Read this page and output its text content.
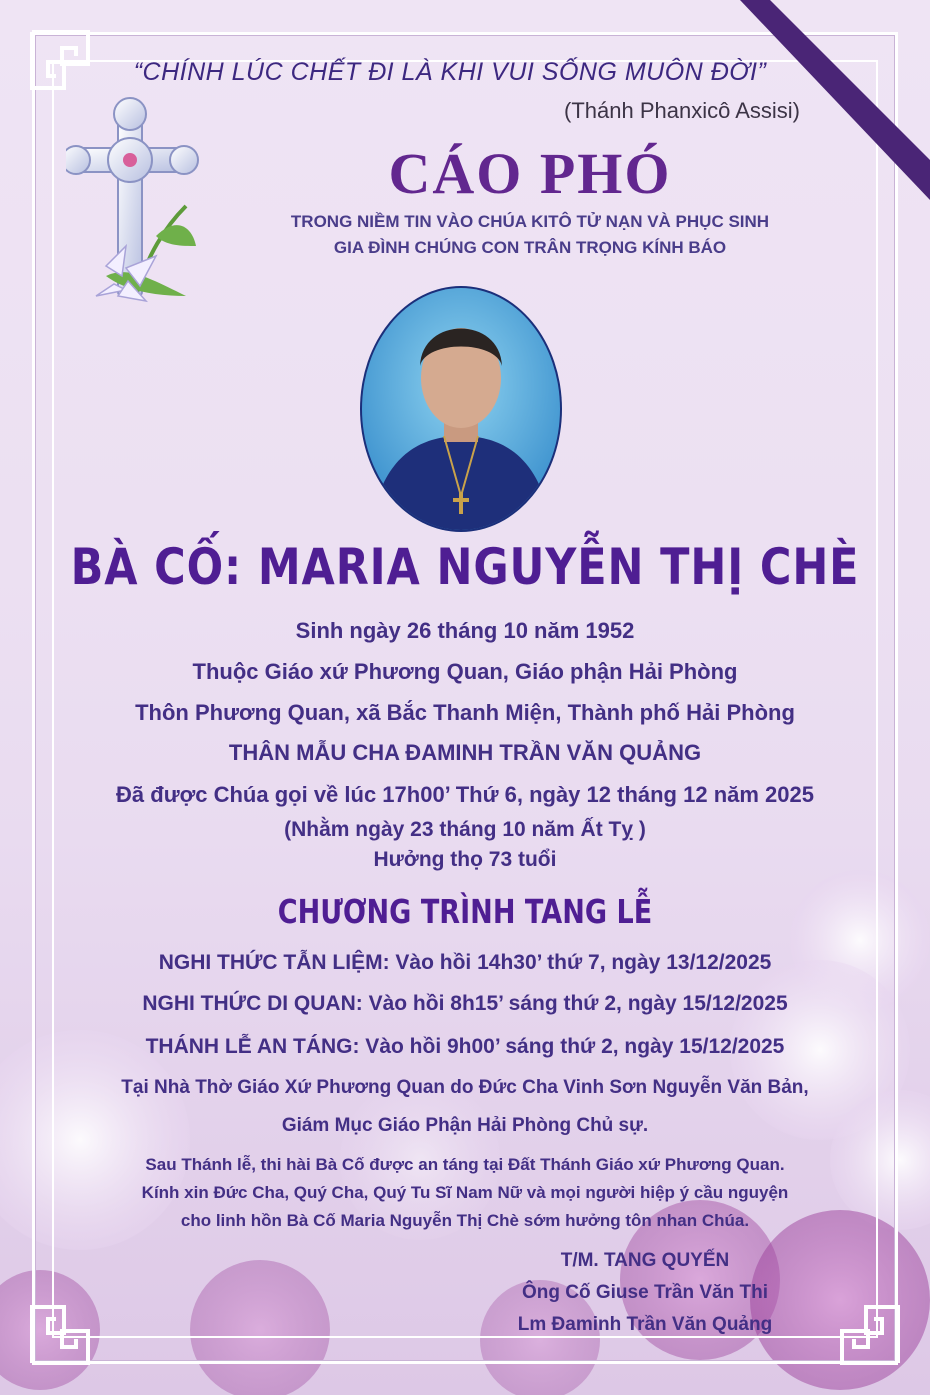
“CHÍNH LÚC CHẾT ĐI LÀ KHI VUI SỐNG MUÔN ĐỜI”

(Thánh Phanxicô Assisi)

CÁO PHÓ

TRONG NIỀM TIN VÀO CHÚA KITÔ TỬ NẠN VÀ PHỤC SINH

GIA ĐÌNH CHÚNG CON TRÂN TRỌNG KÍNH BÁO

BÀ CỐ: MARIA NGUYỄN THỊ CHÈ

Sinh ngày 26 tháng 10 năm 1952

Thuộc Giáo xứ Phương Quan, Giáo phận Hải Phòng

Thôn Phương Quan, xã Bắc Thanh Miện, Thành phố Hải Phòng

THÂN MẪU CHA ĐAMINH TRẦN VĂN QUẢNG

Đã được Chúa gọi về lúc 17h00’ Thứ 6, ngày 12 tháng 12 năm 2025

(Nhằm ngày 23 tháng 10 năm Ất Tỵ )

Hưởng thọ 73 tuổi

CHƯƠNG TRÌNH TANG LỄ

NGHI THỨC TẪN LIỆM: Vào hồi 14h30’ thứ 7, ngày 13/12/2025

NGHI THỨC DI QUAN: Vào hồi 8h15’ sáng thứ 2, ngày 15/12/2025

THÁNH LỄ AN TÁNG: Vào hồi 9h00’ sáng thứ 2, ngày 15/12/2025

Tại Nhà Thờ Giáo Xứ Phương Quan do Đức Cha Vinh Sơn Nguyễn Văn Bản,

Giám Mục Giáo Phận Hải Phòng Chủ sự.

Sau Thánh lễ, thi hài Bà Cố được an táng tại Đất Thánh Giáo xứ Phương Quan.

Kính xin Đức Cha, Quý Cha, Quý Tu Sĩ Nam Nữ và mọi người hiệp ý cầu nguyện

cho linh hồn Bà Cố Maria Nguyễn Thị Chè sớm hưởng tôn nhan Chúa.

T/M. TANG QUYẾN

Ông Cố Giuse Trần Văn Thi

Lm Đaminh Trần Văn Quảng
